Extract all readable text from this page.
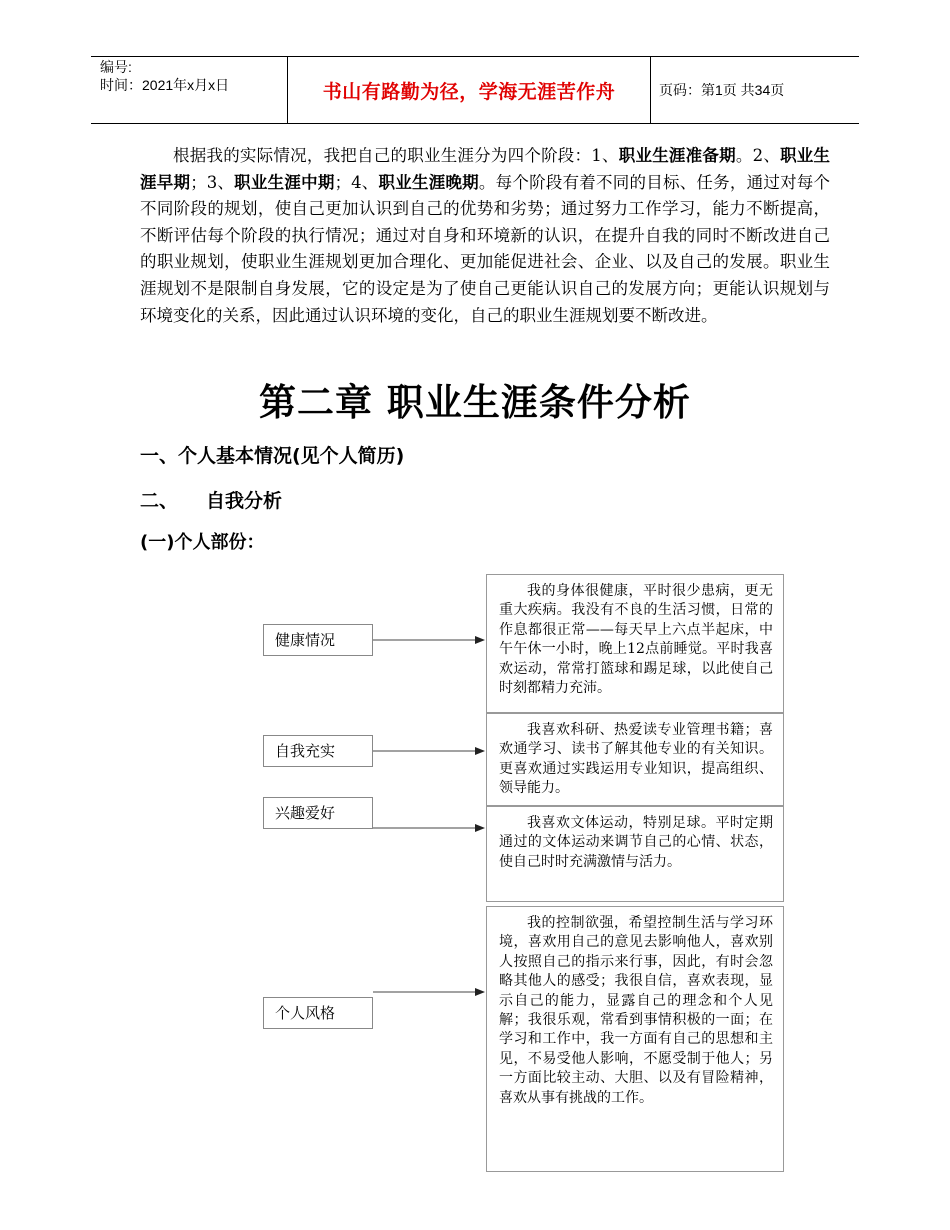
编号:
时间：2021年x月x日	书山有路勤为径，学海无涯苦作舟	页码：第1页 共34页

根据我的实际情况，我把自己的职业生涯分为四个阶段：1、职业生涯准备期。2、职业生涯早期；3、职业生涯中期；4、职业生涯晚期。每个阶段有着不同的目标、任务，通过对每个不同阶段的规划，使自己更加认识到自己的优势和劣势；通过努力工作学习，能力不断提高，不断评估每个阶段的执行情况；通过对自身和环境新的认识，在提升自我的同时不断改进自己的职业规划，使职业生涯规划更加合理化、更加能促进社会、企业、以及自己的发展。职业生涯规划不是限制自身发展，它的设定是为了使自己更能认识自己的发展方向；更能认识规划与环境变化的关系，因此通过认识环境的变化，自己的职业生涯规划要不断改进。

第二章 职业生涯条件分析
一、个人基本情况(见个人简历)
二、 自我分析
(一)个人部份：
健康情况
自我充实
兴趣爱好
个人风格

我的身体很健康，平时很少患病，更无重大疾病。我没有不良的生活习惯，日常的作息都很正常——每天早上六点半起床，中午午休一小时，晚上12点前睡觉。平时我喜欢运动，常常打篮球和踢足球，以此使自己时刻都精力充沛。

我喜欢科研、热爱读专业管理书籍；喜欢通学习、读书了解其他专业的有关知识。更喜欢通过实践运用专业知识，提高组织、领导能力。

我喜欢文体运动，特别足球。平时定期通过的文体运动来调节自己的心情、状态，使自己时时充满激情与活力。

我的控制欲强，希望控制生活与学习环境，喜欢用自己的意见去影响他人，喜欢别人按照自己的指示来行事，因此，有时会忽略其他人的感受；我很自信，喜欢表现，显示自己的能力，显露自己的理念和个人见解；我很乐观，常看到事情积极的一面；在学习和工作中，我一方面有自己的思想和主见，不易受他人影响，不愿受制于他人；另一方面比较主动、大胆、以及有冒险精神，喜欢从事有挑战的工作。
